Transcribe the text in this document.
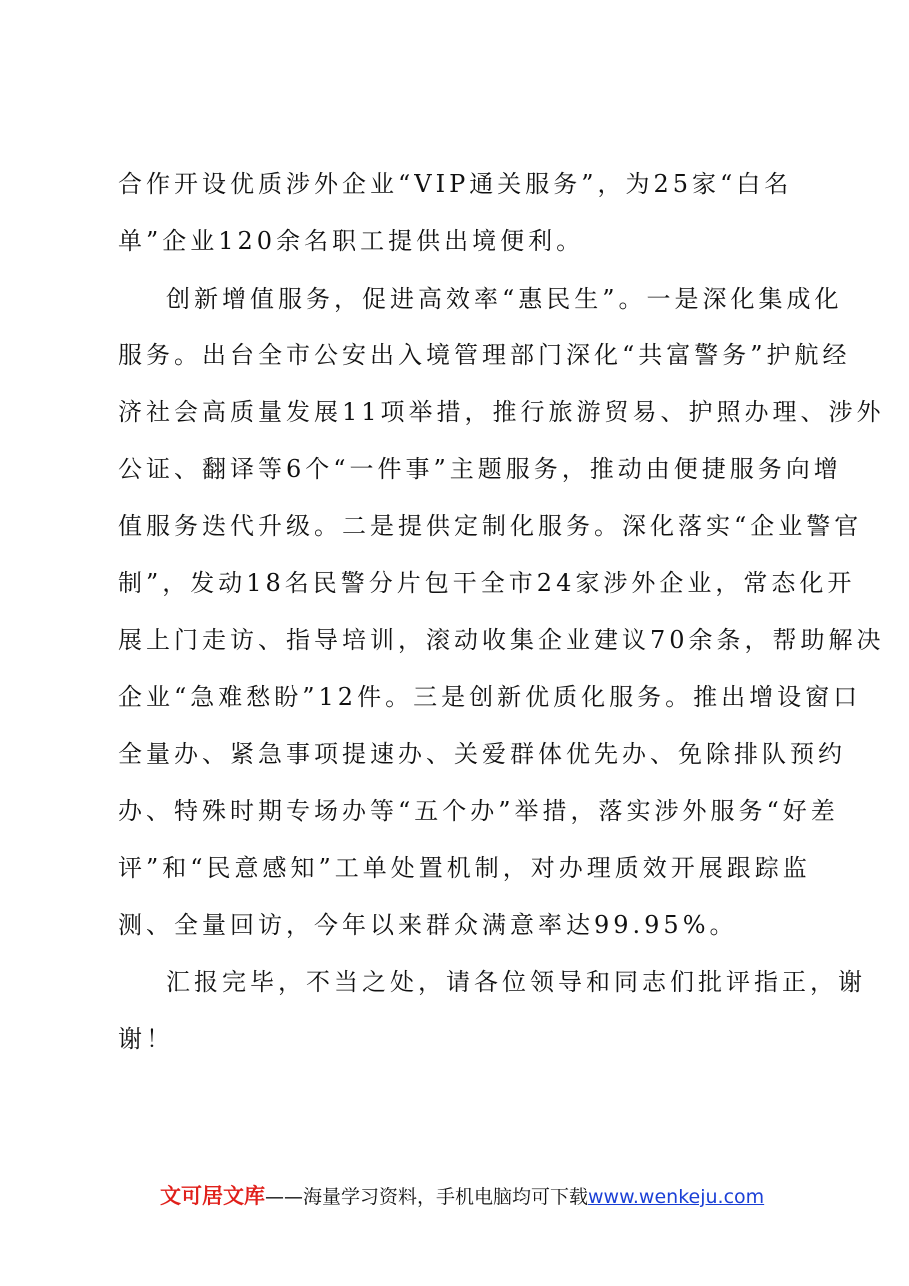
合作开设优质涉外企业“VIP通关服务”，为25家“白名
单”企业120余名职工提供出境便利。
创新增值服务，促进高效率“惠民生”。一是深化集成化
服务。出台全市公安出入境管理部门深化“共富警务”护航经
济社会高质量发展11项举措，推行旅游贸易、护照办理、涉外
公证、翻译等6个“一件事”主题服务，推动由便捷服务向增
值服务迭代升级。二是提供定制化服务。深化落实“企业警官
制”，发动18名民警分片包干全市24家涉外企业，常态化开
展上门走访、指导培训，滚动收集企业建议70余条，帮助解决
企业“急难愁盼”12件。三是创新优质化服务。推出增设窗口
全量办、紧急事项提速办、关爱群体优先办、免除排队预约
办、特殊时期专场办等“五个办”举措，落实涉外服务“好差
评”和“民意感知”工单处置机制，对办理质效开展跟踪监
测、全量回访，今年以来群众满意率达99.95%。
汇报完毕，不当之处，请各位领导和同志们批评指正，谢
谢！
文可居文库——海量学习资料，手机电脑均可下载www.wenkeju.com
